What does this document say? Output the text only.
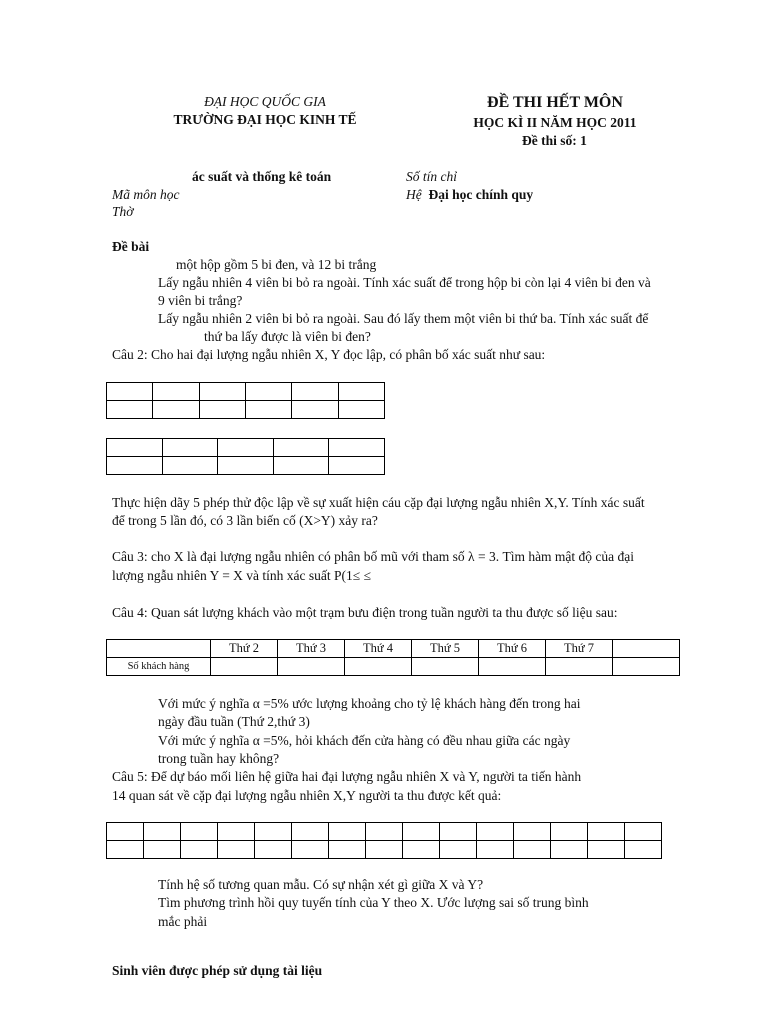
ĐẠI HỌC QUỐC GIA
TRƯỜNG ĐẠI HỌC KINH TẾ
ĐỀ THI HẾT MÔN
HỌC KÌ II NĂM HỌC 2011
Đề thi số: 1
ác suất và thống kê toán	Số tín chỉ
Mã môn học	Hệ Đại học chính quy
Thờ
Đề bài
một hộp gồm 5 bi đen, và 12 bi trắng
Lấy ngẫu nhiên 4 viên bi bỏ ra ngoài. Tính xác suất để trong hộp bi còn lại 4 viên bi đen và
9 viên bi trắng?
Lấy ngẫu nhiên 2 viên bi bỏ ra ngoài. Sau đó lấy them một viên bi thứ ba. Tính xác suất để
thứ ba lấy được là viên bi đen?
Câu 2: Cho hai đại lượng ngẫu nhiên X, Y đọc lập, có phân bố xác suất như sau:

Thực hiện dãy 5 phép thử độc lập về sự xuất hiện cáu cặp đại lượng ngẫu nhiên X,Y. Tính xác suất
để trong 5 lần đó, có 3 lần biến cố (X>Y) xảy ra?
Câu 3: cho X là đại lượng ngẫu nhiên có phân bố mũ với tham số λ = 3. Tìm hàm mật độ của đại
lượng ngẫu nhiên Y = X và tính xác suất P(1≤ ≤
Câu 4: Quan sát lượng khách vào một trạm bưu điện trong tuần người ta thu được số liệu sau:
	Thứ 2	Thứ 3	Thứ 4	Thứ 5	Thứ 6	Thứ 7	
Số khách hàng							
Với mức ý nghĩa α =5% ước lượng khoảng cho tỷ lệ khách hàng đến trong hai
ngày đầu tuần (Thứ 2,thứ 3)
Với mức ý nghĩa α =5%, hỏi khách đến cửa hàng có đều nhau giữa các ngày
trong tuần hay không?
Câu 5: Để dự báo mối liên hệ giữa hai đại lượng ngẫu nhiên X và Y, người ta tiến hành
14 quan sát về cặp đại lượng ngẫu nhiên X,Y người ta thu được kết quả:

Tính hệ số tương quan mẫu. Có sự nhận xét gì giữa X và Y?
Tìm phương trình hồi quy tuyến tính của Y theo X. Ước lượng sai số trung bình
mắc phải
Sinh viên được phép sử dụng tài liệu
